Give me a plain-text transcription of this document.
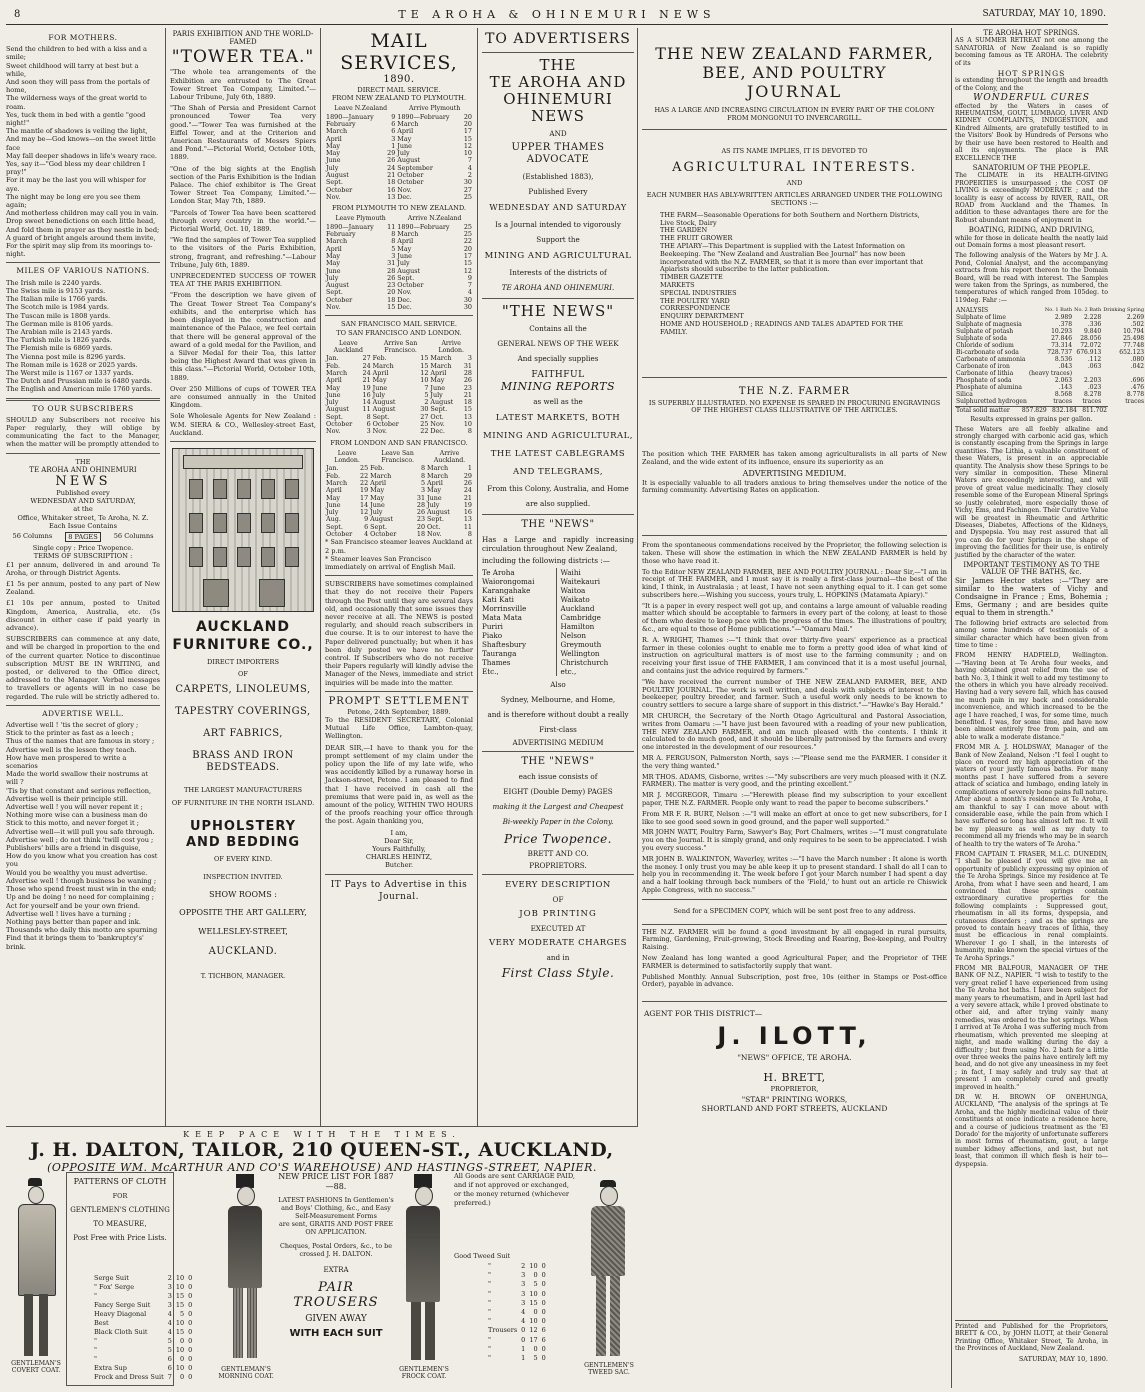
8	TE AROHA & OHINEMURI NEWS	SATURDAY, MAY 10, 1890.
FOR MOTHERS.
Send the children to bed with a kiss and a smile;
Sweet childhood will tarry at best but a while,
And soon they will pass from the portals of home,
The wilderness ways of the great world to roam.
Yes, tuck them in bed with a gentle "good night!"
The mantle of shadows is veiling the light,
And may be—God knows—on the sweet little face
May fall deeper shadows in life's weary race.
Yes, say it—"God bless my dear children I pray!"
For it may be the last you will whisper for aye.
The night may be long ere you see them again;
And motherless children may call you in vain.
Drop sweet benedictions on each little head,
And fold them in prayer as they nestle in bed;
A guard of bright angels around them invite,
For the spirit may slip from its moorings to-night.
MILES OF VARIOUS NATIONS.
The Irish mile is 2240 yards.
The Swiss mile is 9153 yards.
The Italian mile is 1766 yards.
The Scotch mile is 1984 yards.
The Tuscan mile is 1808 yards.
The German mile is 8106 yards.
The Arabian mile is 2143 yards.
The Turkish mile is 1826 yards.
The Flemish mile is 6869 yards.
The Vienna post mile is 8296 yards.
The Roman mile is 1628 or 2025 yards.
The Werst mile is 1167 or 1337 yards.
The Dutch and Prussian mile is 6480 yards.
The English and American mile 1760 yards.
TO OUR SUBSCRIBERS

SHOULD any Subscribers not receive his Paper regularly, they will oblige by communicating the fact to the Manager, when the matter will be promptly attended to

THE
TE AROHA AND OHINEMURI
NEWS
Published every
WEDNESDAY AND SATURDAY,
at the
Office, Whitaker street, Te Aroha, N. Z.
Each Issue Contains
56 Columns	8 PAGES	56 Columns
Single copy : Price Twopence.
TERMS OF SUBSCRIPTION :

£1 per annum, delivered in and around Te Aroha, or through District Agents.

£1 5s per annum, posted to any part of New Zealand.

£1 10s per annum, posted to United Kingdom, America, Australia, etc. (5s discount in either case if paid yearly in advance).

SUBSCRIBERS can commence at any date, and will be charged in proportion to the end of the current quarter. Notice to discontinue subscription MUST BE IN WRITING, and posted, or delivered to the Office direct, addressed to the Manager. Verbal messages to travellers or agents will in no case be regarded. The rule will be strictly adhered to.

ADVERTISE WELL.
Advertise well ! 'tis the secret of glory ;
Stick to the printer as fast as a leech ;
Thus of the names that are famous in story ;
Advertise well is the lesson they teach.
How have men prospered to write a scenarios
Made the world swallow their nostrums at will ?
'Tis by that constant and serious reflection,
Advertise well is their principle still.
Advertise well ! you will never repent it ;
Nothing more wise can a business man do
Stick to this motto, and never forget it ;
Advertise well—it will pull you safe through.
Advertise well ; do not think 'twill cost you ;
Publishers' bills are a friend in disguise,
How do you know what you creation has cost you
Would you be wealthy you must advertise.
Advertise well ! though business be waning ;
Those who spend freest must win in the end;
Up and be doing ! no need for complaining ;
Act for yourself and be your own friend.
Advertise well ! lives have a turning ;
Nothing pays better than paper and ink.
Thousands who daily this motto are spurning
Find that it brings them to 'bankruptcy's' brink.
PARIS EXHIBITION AND THE WORLD-FAMED
"TOWER TEA."

"The whole tea arrangements of the Exhibition are entrusted to The Great Tower Street Tea Company, Limited."—Labour Tribune, July 6th, 1889.

"The Shah of Persia and President Carnot pronounced Tower Tea very good."—"Tower Tea was furnished at the Eiffel Tower, and at the Criterion and American Restaurants of Messrs Spiers and Pond."—Pictorial World, October 10th, 1889.

"One of the big sights at the English section of the Paris Exhibition is the Indian Palace. The chief exhibitor is The Great Tower Street Tea Company, Limited."—London Star, May 7th, 1889.

"Parcels of Tower Tea have been scattered through every country in the world."—Pictorial World, Oct. 10, 1889.

"We find the samples of Tower Tea supplied to the visitors of the Paris Exhibition, strong, fragrant, and refreshing."—Labour Tribune, July 6th, 1889.

UNPRECEDENTED SUCCESS OF TOWER TEA AT THE PARIS EXHIBITION.

"From the description we have given of The Great Tower Street Tea Company's exhibits, and the enterprise which has been displayed in the construction and maintenance of the Palace, we feel certain that there will be general approval of the award of a gold medal for the Pavilion, and a Silver Medal for their Tea, this latter being the Highest Award that was given in this class."—Pictorial World, October 10th, 1889.

Over 250 Millions of cups of TOWER TEA are consumed annually in the United Kingdom.

Sole Wholesale Agents for New Zealand : W.M. SIERA & CO., Wellesley-street East, Auckland.

AUCKLAND FURNITURE CO.,
DIRECT IMPORTERS
OF
CARPETS, LINOLEUMS,
TAPESTRY COVERINGS,
ART FABRICS,
BRASS AND IRON BEDSTEADS.
THE LARGEST MANUFACTURERS
OF FURNITURE IN THE NORTH ISLAND.
UPHOLSTERY AND BEDDING
OF EVERY KIND.
INSPECTION INVITED.
SHOW ROOMS :
OPPOSITE THE ART GALLERY,
WELLESLEY-STREET,
AUCKLAND.
T. TICHBON, MANAGER.
MAIL SERVICES,
1890.
DIRECT MAIL SERVICE.
FROM NEW ZEALAND TO PLYMOUTH.
Leave N.Zealand		Arrive Plymouth	
1890—January	9	1890—February	20
February	6	March	20
March	6	April	17
April	3	May	15
May	1	June	12
May	29	July	10
June	26	August	7
July	24	September	4
August	21	October	2
Sept.	18	October	30
October	16	Nov.	27
Nov.	13	Dec.	25
FROM PLYMOUTH TO NEW ZEALAND.
Leave Plymouth		Arrive N.Zealand	
1890—January	11	1890—February	25
February	8	March	25
March	8	April	22
April	5	May	20
May	3	June	17
May	31	July	15
June	28	August	12
July	26	Sept.	9
August	23	October	7
Sept.	20	Nov.	4
October	18	Dec.	30
Nov.	15	Dec.	30
SAN FRANCISCO MAIL SERVICE.
TO SAN FRANCISCO AND LONDON.
Leave Auckland		Arrive San Francisco.		Arrive London.	
Jan.	27	Feb.	15	March	3
Feb.	24	March	15	March	31
March	24	April	12	April	28
April	21	May	10	May	26
May	19	June	7	June	23
June	16	July	5	July	21
July	14	August	2	August	18
August	11	August	30	Sept.	15
Sept.	8	Sept.	27	Oct.	13
October	6	October	25	Nov.	10
Nov.	3	Nov.	22	Dec.	8
FROM LONDON AND SAN FRANCISCO.
Leave London.		Leave San Francisco.		Arrive Auckland.	
Jan.	25	Feb.	8	March	1
Feb.	22	March	8	March	29
March	22	April	5	April	26
April	19	May	3	May	24
May	17	May	31	June	21
June	14	June	28	July	19
July	12	July	26	August	16
Aug.	9	August	23	Sept.	13
Sept.	6	Sept.	20	Oct.	11
October	4	October	18	Nov.	8
* San Francisco steamer leaves Auckland at 2 p.m.
* Steamer leaves San Francisco immediately on arrival of English Mail.

SUBSCRIBERS have sometimes complained that they do not receive their Papers through the Post until they are several days old, and occasionally that some issues they never receive at all. The NEWS is posted regularly, and should reach subscribers in due course. It is to our interest to have the Paper delivered punctually; but when it has been duly posted we have no further control. If Subscribers who do not receive their Papers regularly will kindly advise the Manager of the News, immediate and strict inquiries will be made into the matter.

PROMPT SETTLEMENT
Petone, 24th September, 1889.

To the RESIDENT SECRETARY, Colonial Mutual Life Office, Lambton-quay, Wellington.

DEAR SIR,—I have to thank you for the prompt settlement of my claim under the policy upon the life of my late wife, who was accidently killed by a runaway horse in Jackson-street, Petone. I am pleased to find that I have received in cash all the premiums that were paid in, as well as the amount of the policy, WITHIN TWO HOURS of the proofs reaching your office through the post. Again thanking you,

I am,
Dear Sir,
Yours Faithfully,
CHARLES HEINTZ,
Butcher.
IT Pays to Advertise in this Journal.
TO ADVERTISERS
THE
TE AROHA AND
OHINEMURI NEWS
AND
UPPER THAMES ADVOCATE
(Established 1883),
Published Every
WEDNESDAY AND SATURDAY
Is a Journal intended to vigorously
Support the
MINING AND AGRICULTURAL
Interests of the districts of
TE AROHA AND OHINEMURI.
"THE NEWS"
Contains all the
GENERAL NEWS OF THE WEEK
And specially supplies
FAITHFUL
MINING REPORTS
as well as the
LATEST MARKETS, BOTH
MINING AND AGRICULTURAL,
THE LATEST CABLEGRAMS
AND TELEGRAMS,
From this Colony, Australia, and Home
are also supplied.
THE "NEWS"

Has a Large and rapidly increasing circulation throughout New Zealand,

including the following districts :—

Te Aroha
Waiorongomai
Karangahake
Kati Kati
Morrinsville
Mata Mata
Puriri
Piako
Shaftesbury
Tauranga
Thames
Etc.,
Waihi
Waitekauri
Waitoa
Waikato
Auckland
Cambridge
Hamilton
Nelson
Greymouth
Wellington
Christchurch
etc.,
Also
Sydney, Melbourne, and Home,
and is therefore without doubt a really
First-class
ADVERTISING MEDIUM
THE "NEWS"
each issue consists of
EIGHT (Double Demy) PAGES
making it the Largest and Cheapest
Bi-weekly Paper in the Colony.
Price Twopence.
BRETT AND CO.
PROPRIETORS.
EVERY DESCRIPTION
OF
JOB PRINTING
EXECUTED AT
VERY MODERATE CHARGES
and in
First Class Style.
THE NEW ZEALAND FARMER,
BEE, AND POULTRY
JOURNAL
HAS A LARGE AND INCREASING CIRCULATION IN EVERY PART OF THE COLONY FROM MONGONUI TO INVERCARGILL.
AS ITS NAME IMPLIES, IT IS DEVOTED TO
AGRICULTURAL INTERESTS.
AND
EACH NUMBER HAS ABLY-WRITTEN ARTICLES ARRANGED UNDER THE FOLLOWING SECTIONS :—
THE FARM—Seasonable Operations for both Southern and Northern Districts, Live Stock, Dairy
THE GARDEN
THE FRUIT GROWER
THE APIARY—This Department is supplied with the Latest Information on Beekeeping. The "New Zealand and Australian Bee Journal" has now been incorporated with the N.Z. FARMER, so that it is more than ever important that Apiarists should subscribe to the latter publication.
TIMBER GAZETTE
MARKETS
SPECIAL INDUSTRIES
THE POULTRY YARD
CORRESPONDENCE
ENQUIRY DEPARTMENT
HOME AND HOUSEHOLD ; READINGS AND TALES ADAPTED FOR THE FAMILY.
THE N.Z. FARMER
IS SUPERBLY ILLUSTRATED. NO EXPENSE IS SPARED IN PROCURING ENGRAVINGS OF THE HIGHEST CLASS ILLUSTRATIVE OF THE ARTICLES.

The position which THE FARMER has taken among agriculturalists in all parts of New Zealand, and the wide extent of its influence, ensure its superiority as an

ADVERTISING MEDIUM.

It is especially valuable to all traders anxious to bring themselves under the notice of the farming community. Advertising Rates on application.

From the spontaneous commendations received by the Proprietor, the following selection is taken. These will show the estimation in which the NEW ZEALAND FARMER is held by those who have read it.

To the Editor NEW ZEALAND FARMER, BEE AND POULTRY JOURNAL : Dear Sir,—"I am in receipt of THE FARMER, and I must say it is really a first-class journal—the best of the kind, I think, in Australasia ; at least, I have not seen anything equal to it. I can get some subscribers here.—Wishing you success, yours truly, L. HOPKINS (Matamata Apiary)."

"It is a paper in every respect well got up, and contains a large amount of valuable reading matter which should be acceptable to farmers in every part of the colony, at least to those of them who desire to keep pace with the progress of the times. The illustrations of poultry, &c., are equal to those of Home publications."—"Oamaru Mail."

R. A. WRIGHT, Thames :—"I think that over thirty-five years' experience as a practical farmer in these colonies ought to enable me to form a pretty good idea of what kind of instruction on agricultural matters is of most use to the farming community ; and on receiving your first issue of THE FARMER, I am convinced that it is a most useful journal, and contains just the advice required by farmers."

"We have received the current number of THE NEW ZEALAND FARMER, BEE, AND POULTRY JOURNAL. The work is well written, and deals with subjects of interest to the beekeeper, poultry breeder, and farmer. Such a useful work only needs to be known to country settlers to secure a large share of support in this district."—"Hawke's Bay Herald."

MR CHURCH, the Secretary of the North Otago Agricultural and Pastoral Association, writes from Oamaru :—"I have just been favoured with a reading of your new publication, THE NEW ZEALAND FARMER, and am much pleased with the contents. I think it calculated to do much good, and it should be liberally patronised by the farmers and every one interested in the development of our resources."

MR A. FERGUSON, Palmerston North, says :—"Please send me the FARMER. I consider it the very thing wanted."

MR THOS. ADAMS, Gisborne, writes :—"My subscribers are very much pleased with it (N.Z. FARMER). The matter is very good, and the printing excellent."

MR J. MCGREGOR, Timaru :—"Herewith please find my subscription to your excellent paper, THE N.Z. FARMER. People only want to read the paper to become subscribers."

From MR F. R. BURT, Nelson :—"I will make an effort at once to get new subscribers, for I like to see good seed sown in good ground, and the paper well supported."

MR JOHN WATT, Poultry Farm, Sawyer's Bay, Port Chalmers, writes :—"I must congratulate you on the Journal. It is simply grand, and only requires to be seen to be appreciated. I wish you every success."

MR JOHN B. WALKINTON, Waverley, writes :—"I have the March number : It alone is worth the money. I only trust you may be able keep it up to present standard. I shall do all I can to help you in recommending it. The week before I got your March number I had spent a day and a half looking through back numbers of the 'Field,' to hunt out an article re Chiswick Apple Congress, with no success."

Send for a SPECIMEN COPY, which will be sent post free to any address.

THE N.Z. FARMER will be found a good investment by all engaged in rural pursuits, Farming, Gardening, Fruit-growing, Stock Breeding and Rearing, Bee-keeping, and Poultry Raising.

New Zealand has long wanted a good Agricultural Paper, and the Proprietor of THE FARMER is determined to satisfactorily supply that want.

Published Monthly. Annual Subscription, post free, 10s (either in Stamps or Post-office Order), payable in advance.

AGENT FOR THIS DISTRICT—
J. ILOTT,
"NEWS" OFFICE, TE AROHA.
H. BRETT,
PROPRIETOR,
"STAR" PRINTING WORKS,
SHORTLAND AND FORT STREETS, AUCKLAND
TE AROHA HOT SPRINGS.

AS A SUMMER RETREAT not one among the SANATORIA of New Zealand is so rapidly becoming famous as TE AROHA. The celebrity of its

HOT SPRINGS

is extending throughout the length and breadth of the Colony, and the

WONDERFUL CURES

effected by the Waters in cases of RHEUMATISM, GOUT, LUMBAGO, LIVER AND KIDNEY COMPLAINTS, INDIGESTION, and Kindred Ailments, are gratefully testified to in the Visitors' Book by Hundreds of Persons who by their use have been restored to Health and all its enjoyments. The place is PAR EXCELLENCE THE

SANATORIUM OF THE PEOPLE.

The CLIMATE in its HEALTH-GIVING PROPERTIES is unsurpassed ; the COST OF LIVING is exceedingly MODERATE ; and the locality is easy of access by RIVER, RAIL, OR ROAD from Auckland and the Thames. In addition to these advantages there are for the Robust abundant means of enjoyment in

BOATING, RIDING, AND DRIVING,

while for those in delicate health the neatly laid out Domain forms a most pleasant resort.

The following analysis of the Waters by Mr J. A. Pond, Colonial Analyst, and the accompanying extracts from his report thereon to the Domain Board, will be read with interest. The Samples were taken from the Springs, as numbered, the temperatures of which ranged from 105deg. to 119deg. Fahr :—

ANALYSIS	No. 1 Bath	No. 2 Bath	Drinking Spring
Sulphate of lime	2.989	2.228	2.269
Sulphate of magnesia	.378	.336	.502
Sulphate of potash	10.293	9.840	10.794
Sulphate of soda	27.846	28.056	25.498
Chloride of sodium	73.314	72.072	77.748
Bi-carbonate of soda	728.737	676.913	652.123
Carbonate of ammonia	8.536	.112	.080
Carbonate of iron	.043	.063	.042
Carbonate of lithia	(heavy traces)		
Phosphate of soda	2.063	2.203	.696
Phosphate of alumina	.143	.023	.476
Silica	8.568	8.278	8.778
Sulphuretted hydrogen	traces	traces	traces
Total solid matter	857.829	832.184	811.702
Results expressed in grains per gallon.

These Waters are all feebly alkaline and strongly charged with carbonic acid gas, which is constantly escaping from the Springs in large quantities. The Lithia, a valuable constituent of these Waters, is present in an appreciable quantity. The Analysis show these Springs to be very similar in composition. These Mineral Waters are exceedingly interesting, and will prove of great value medicinally. They closely resemble some of the European Mineral Springs so justly celebrated, more especially those of Vichy, Ems, and Fachingen. Their Curative Value will be greatest in Rheumatic and Arthritic Diseases, Diabetes, Affections of the Kidneys, and Dyspepsia. You may rest assured that all you can do for your Springs in the shape of improving the facilities for their use, is entirely justified by the character of the water.

IMPORTANT TESTIMONY AS TO THE VALUE OF THE BATHS, &c.

Sir James Hector states :—"They are similar to the waters of Vichy and Condsaigne in France ; Ems, Bohemia ; Ems, Germany ; and are besides quite equal to them in strength."

The following brief extracts are selected from among some hundreds of testimonials of a similar character which have been given from time to time :

FROM HENRY HADFIELD, Wellington.—"Having been at Te Aroha four weeks, and having obtained great relief from the use of bath No. 3, I think it well to add my testimony to the others in which you have already received. Having had a very severe fall, which has caused me much pain in my back and considerable inconvenience, and which increased to be the age I have reached, I was, for some time, much benefited. I was, for some time, and have now been almost entirely free from pain, and am able to walk a moderate distance."

FROM MR A. J. HOLDSWAY, Manager of the Bank of New Zealand, Nelson :"I feel I ought to place on record my high appreciation of the waters of your justly famous baths. For many months past I have suffered from a severe attack of sciatica and lumbago, ending lately in complications of severely bone pains full nature. After about a month's residence at Te Aroha, I am thankful to say I can move about with considerable ease, while the pain from which I have suffered so long has almost left me. It will be my pleasure as well as my duty to recommend all my friends who may be in search of health to try the waters of Te Aroha."

FROM CAPTAIN T. FRASER, M.L.C. DUNEDIN, "I shall be pleased if you will give me an opportunity of publicly expressing my opinion of the Te Aroha Springs. Since my residence at Te Aroha, from what I have seen and heard, I am convinced that these springs contain extraordinary curative properties for the following complaints : Suppressed gout, rheumatism in all its forms, dyspepsia, and cutaneous disorders ; and as the springs are proved to contain heavy traces of lithia, they must be efficacious in renal complaints. Wherever I go I shall, in the interests of humanity, make known the special virtues of the Te Aroha Springs."

FROM MR BALFOUR, MANAGER OF THE BANK OF N.Z., NAPIER. "I wish to testify to the very great relief I have experienced from using the Te Aroha hot baths. I have been subject for many years to rheumatism, and in April last had a very severe attack, while I proved obstinate to other aid, and after trying vainly many remedies, was ordered to the hot springs. When I arrived at Te Aroha I was suffering much from rheumatism, which prevented me sleeping at night, and made walking during the day a difficulty ; but from using No. 2 bath for a little over three weeks the pains have entirely left my head, and do not give any uneasiness in my feet ; in fact, I may safely and truly say that at present I am completely cured and greatly improved in health."

DR W. H. BROWN OF ONEHUNGA, AUCKLAND, "The analysis of the springs at Te Aroha, and the highly medicinal value of their constituents at once indicate a residence here, and a course of judicious treatment as the 'El Dorado' for the majority of unfortunate sufferers in most forms of rheumatism, gout, a large number kidney affections, and last, but not least, that common ill which flesh is heir to—dyspepsia.

Printed and Published for the Proprietors, BRETT & CO., by JOHN ILOTT, at their General Printing Office, Whitaker Street, Te Aroha, in the Provinces of Auckland, New Zealand.

SATURDAY, MAY 10, 1890.
KEEP PACE WITH THE TIMES.
J. H. DALTON, TAILOR, 210 QUEEN-ST., AUCKLAND,
(OPPOSITE WM. McARTHUR AND CO'S WAREHOUSE) AND HASTINGS-STREET, NAPIER.
GENTLEMAN'S COVERT COAT.
PATTERNS OF CLOTH
FOR
GENTLEMEN'S CLOTHING
TO MEASURE,
Post Free with Price Lists.
Serge Suit	2	10	0
" Fox' Serge	3	10	0
"	3	15	0
Fancy Serge Suit	3	15	0
Heavy Diagonal	4	5	0
Best	4	10	0
Black Cloth Suit	4	15	0
"	5	0	0
"	5	10	0
"	6	0	0
Extra Sup	6	10	0
Frock and Dress Suit	7	0	0
GENTLEMAN'S MORNING COAT.
NEW PRICE LIST FOR 1887—88.
LATEST FASHIONS In Gentlemen's and Boys' Clothing, &c., and Easy Self-Measurement Forms
are sent, GRATIS AND POST FREE ON APPLICATION.
Cheques, Postal Orders, &c., to be crossed J. H. DALTON.
EXTRA
PAIR TROUSERS
GIVEN AWAY
WITH EACH SUIT
GENTLEMEN'S FROCK COAT.
All Goods are sent CARRIAGE PAID, and if not approved or exchanged, or the money returned (whichever preferred.)
Good Tweed Suit
"	2	10	0
"	3	0	0
"	3	5	0
"	3	10	0
"	3	15	0
"	4	0	0
"	4	10	0
Trousers	0	12	6
"	0	17	6
"	1	0	0
"	1	5	0
GENTLEMEN'S TWEED SAC.
